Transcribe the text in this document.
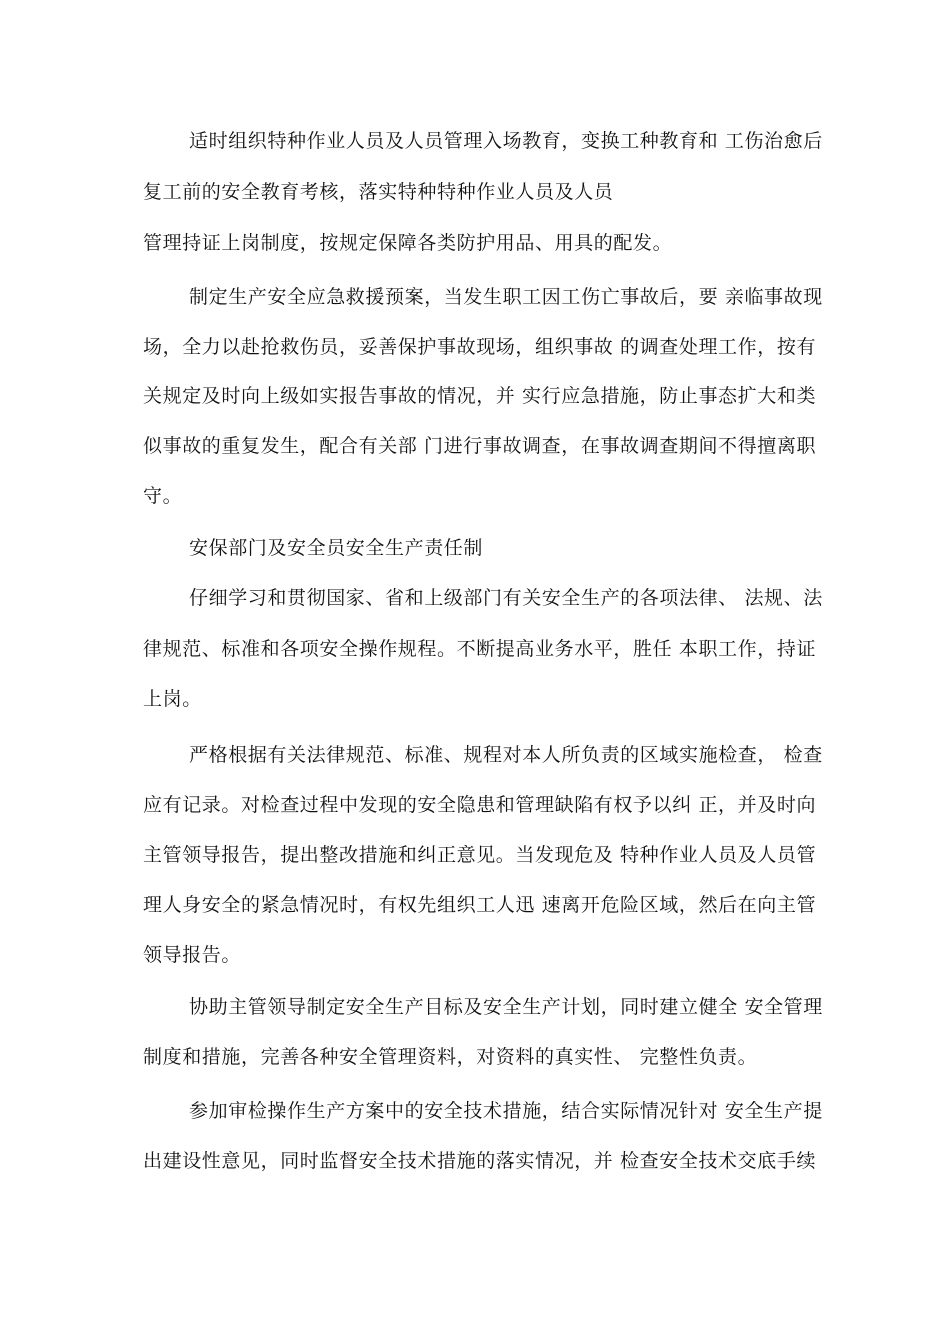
适时组织特种作业人员及人员管理入场教育，变换工种教育和 工伤治愈后
复工前的安全教育考核，落实特种特种作业人员及人员
管理持证上岗制度，按规定保障各类防护用品、用具的配发。
制定生产安全应急救援预案，当发生职工因工伤亡事故后，要 亲临事故现
场，全力以赴抢救伤员，妥善保护事故现场，组织事故 的调查处理工作，按有
关规定及时向上级如实报告事故的情况，并 实行应急措施，防止事态扩大和类
似事故的重复发生，配合有关部 门进行事故调查，在事故调查期间不得擅离职
守。
安保部门及安全员安全生产责任制
仔细学习和贯彻国家、省和上级部门有关安全生产的各项法律、 法规、法
律规范、标准和各项安全操作规程。不断提高业务水平，胜任 本职工作，持证
上岗。
严格根据有关法律规范、标准、规程对本人所负责的区域实施检查， 检查
应有记录。对检查过程中发现的安全隐患和管理缺陷有权予以纠 正，并及时向
主管领导报告，提出整改措施和纠正意见。当发现危及 特种作业人员及人员管
理人身安全的紧急情况时，有权先组织工人迅 速离开危险区域，然后在向主管
领导报告。
协助主管领导制定安全生产目标及安全生产计划，同时建立健全 安全管理
制度和措施，完善各种安全管理资料，对资料的真实性、 完整性负责。
参加审检操作生产方案中的安全技术措施，结合实际情况针对 安全生产提
出建设性意见，同时监督安全技术措施的落实情况，并 检查安全技术交底手续
